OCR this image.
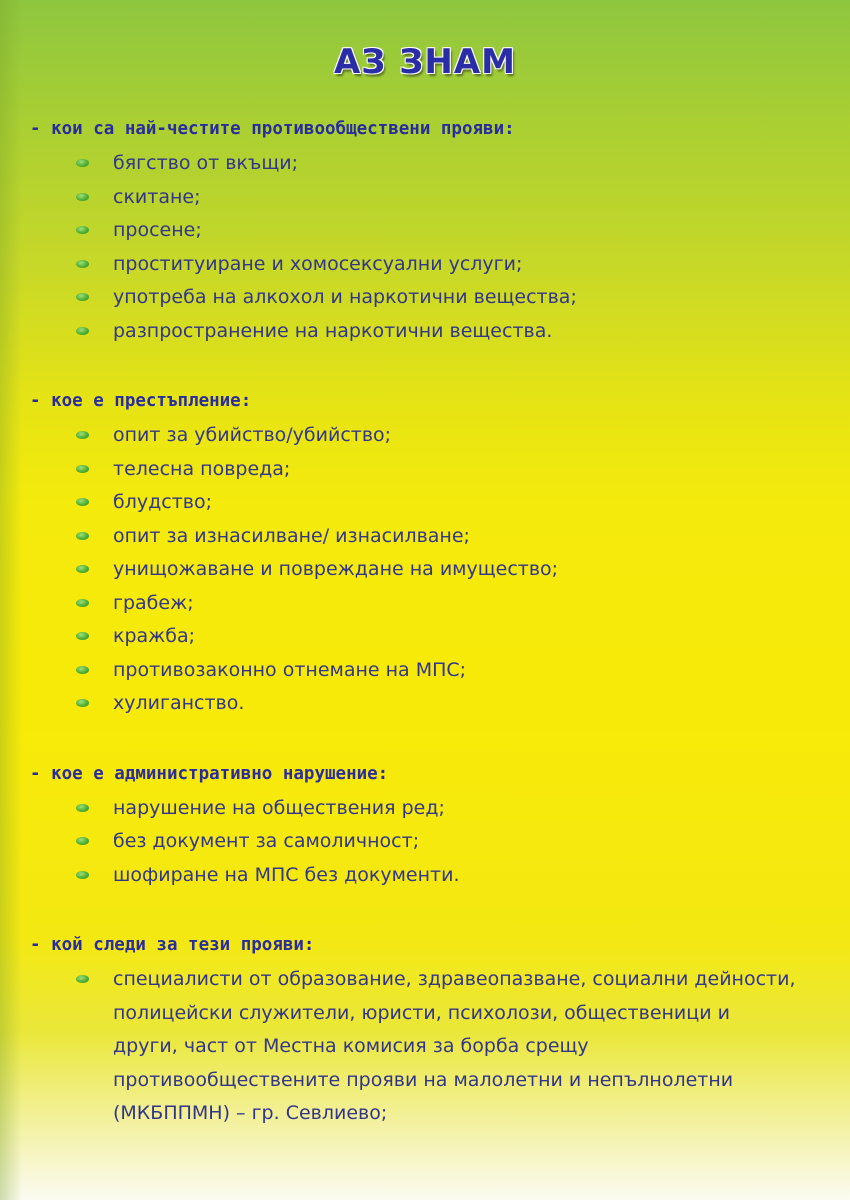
АЗ ЗНАМ
- кои са най-честите противообществени прояви:
бягство от вкъщи;
скитане;
просене;
проституиране и хомосексуални услуги;
употреба на алкохол и наркотични вещества;
разпространение на наркотични вещества.
- кое е престъпление:
опит за убийство/убийство;
телесна повреда;
блудство;
опит за изнасилване/ изнасилване;
унищожаване и повреждане на имущество;
грабеж;
кражба;
противозаконно отнемане на МПС;
хулиганство.
- кое е административно нарушение:
нарушение на обществения ред;
без документ за самоличност;
шофиране на МПС без документи.
- кой следи за тези прояви:
специалисти от образование, здравеопазване, социални дейности, полицейски служители, юристи, психолози, общественици и други, част от Местна комисия за борба срещу противообществените прояви на малолетни и непълнолетни (МКБППМН) – гр. Севлиево;
